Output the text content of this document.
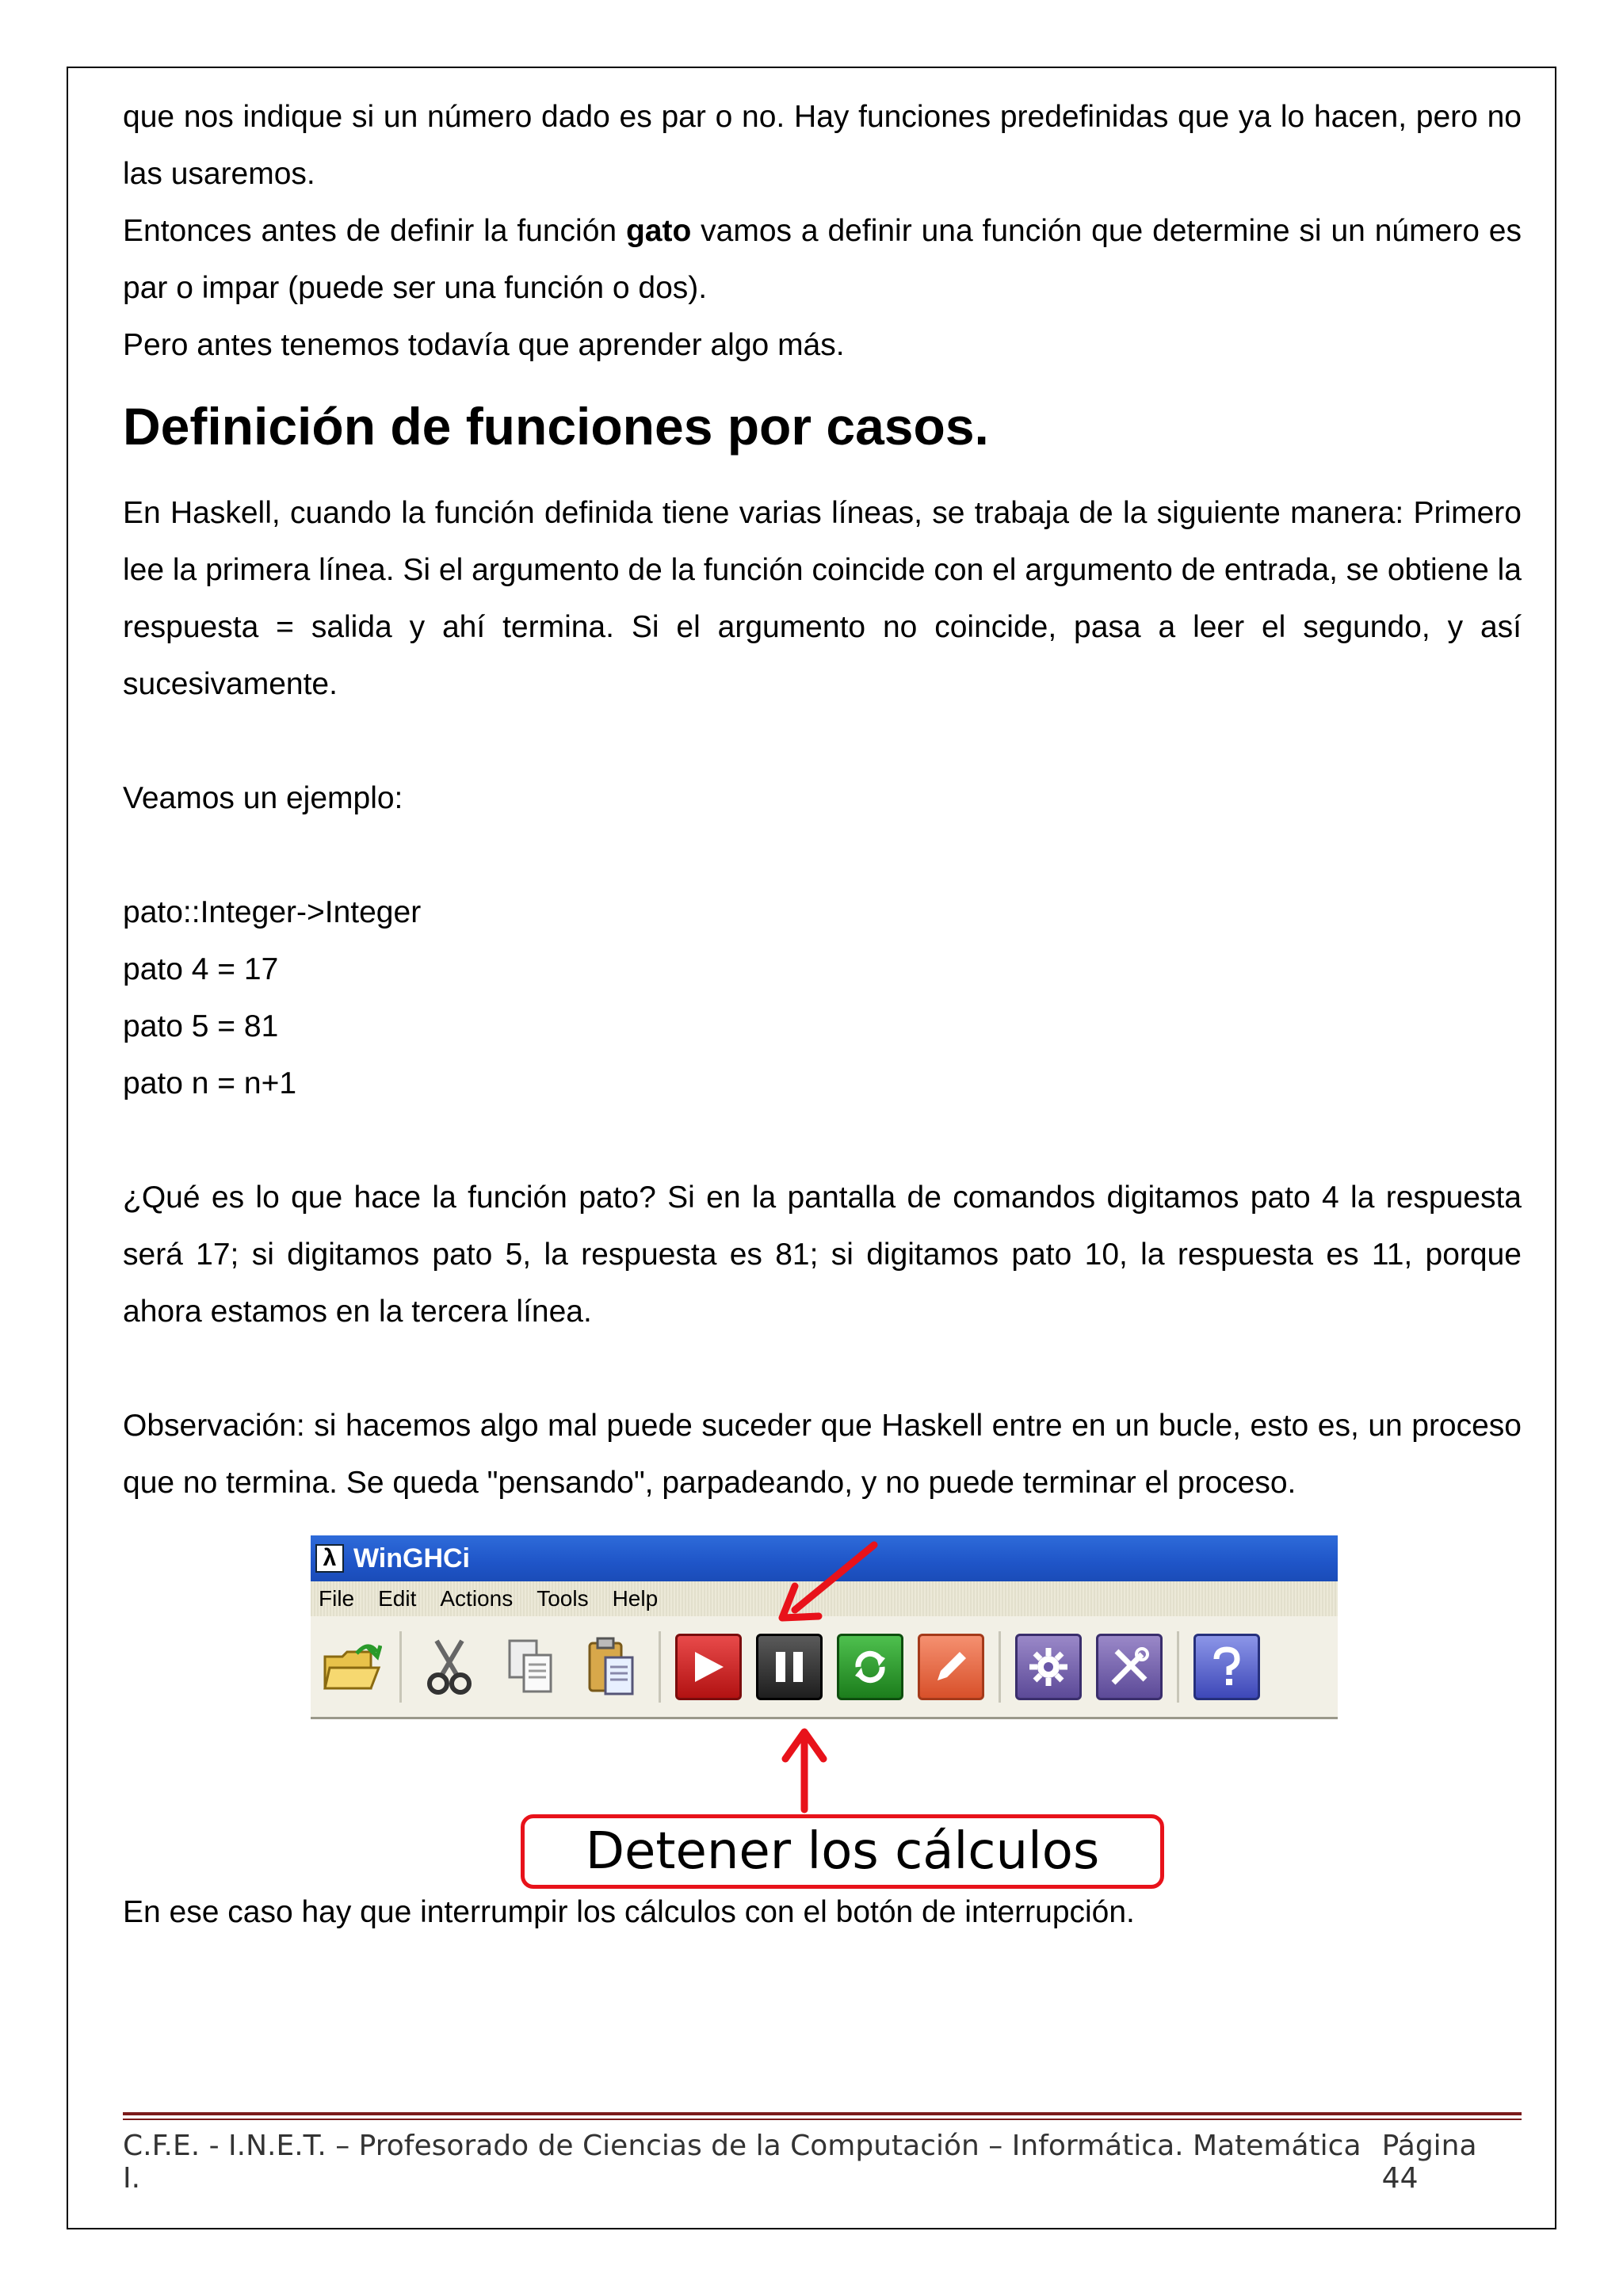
que nos indique si un número dado es par o no. Hay funciones predefinidas que ya lo hacen, pero no las usaremos.

Entonces antes de definir la función gato vamos a definir una función que determine si un número es par o impar (puede ser una función o dos).

Pero antes tenemos todavía que aprender algo más.

Definición de funciones por casos.

En Haskell, cuando la función definida tiene varias líneas, se trabaja de la siguiente manera: Primero lee la primera línea. Si el argumento de la función coincide con el argumento de entrada, se obtiene la respuesta = salida y ahí termina. Si el argumento no coincide, pasa a leer el segundo, y así sucesivamente.

Veamos un ejemplo:

pato::Integer->Integer

pato 4 = 17

pato 5 = 81

pato n = n+1

¿Qué es lo que hace la función pato? Si en la pantalla de comandos digitamos pato 4 la respuesta será 17; si digitamos pato 5, la respuesta es 81; si digitamos pato 10, la respuesta es 11, porque ahora estamos en la tercera línea.

Observación: si hacemos algo mal puede suceder que Haskell entre en un bucle, esto es, un proceso que no termina. Se queda "pensando", parpadeando, y no puede terminar el proceso.

λ WinGHCi
File Edit Actions Tools Help
Detener los cálculos

En ese caso hay que interrumpir los cálculos con el botón de interrupción.

C.F.E. - I.N.E.T. – Profesorado de Ciencias de la Computación – Informática. Matemática I.
Página 44
